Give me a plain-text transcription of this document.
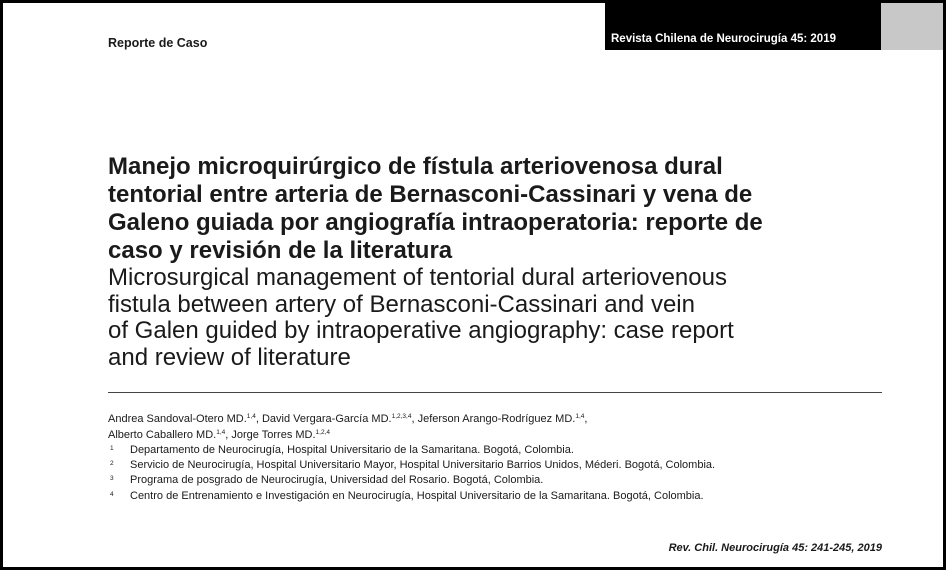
Reporte de Caso	Revista Chilena de Neurocirugía 45: 2019
Manejo microquirúrgico de fístula arteriovenosa dural
tentorial entre arteria de Bernasconi-Cassinari y vena de
Galeno guiada por angiografía intraoperatoria: reporte de
caso y revisión de la literatura
Microsurgical management of tentorial dural arteriovenous
fistula between artery of Bernasconi-Cassinari and vein
of Galen guided by intraoperative angiography: case report
and review of literature
Andrea Sandoval-Otero MD.$^{1,4}$, David Vergara-García MD.$^{1,2,3,4}$, Jeferson Arango-Rodríguez MD.$^{1,4}$,
Alberto Caballero MD.$^{1,4}$, Jorge Torres MD.$^{1,2,4}$
1 Departamento de Neurocirugía, Hospital Universitario de la Samaritana. Bogotá, Colombia.
2 Servicio de Neurocirugía, Hospital Universitario Mayor, Hospital Universitario Barrios Unidos, Méderi. Bogotá, Colombia.
3 Programa de posgrado de Neurocirugía, Universidad del Rosario. Bogotá, Colombia.
4 Centro de Entrenamiento e Investigación en Neurocirugía, Hospital Universitario de la Samaritana. Bogotá, Colombia.
Rev. Chil. Neurocirugía 45: 241-245, 2019
